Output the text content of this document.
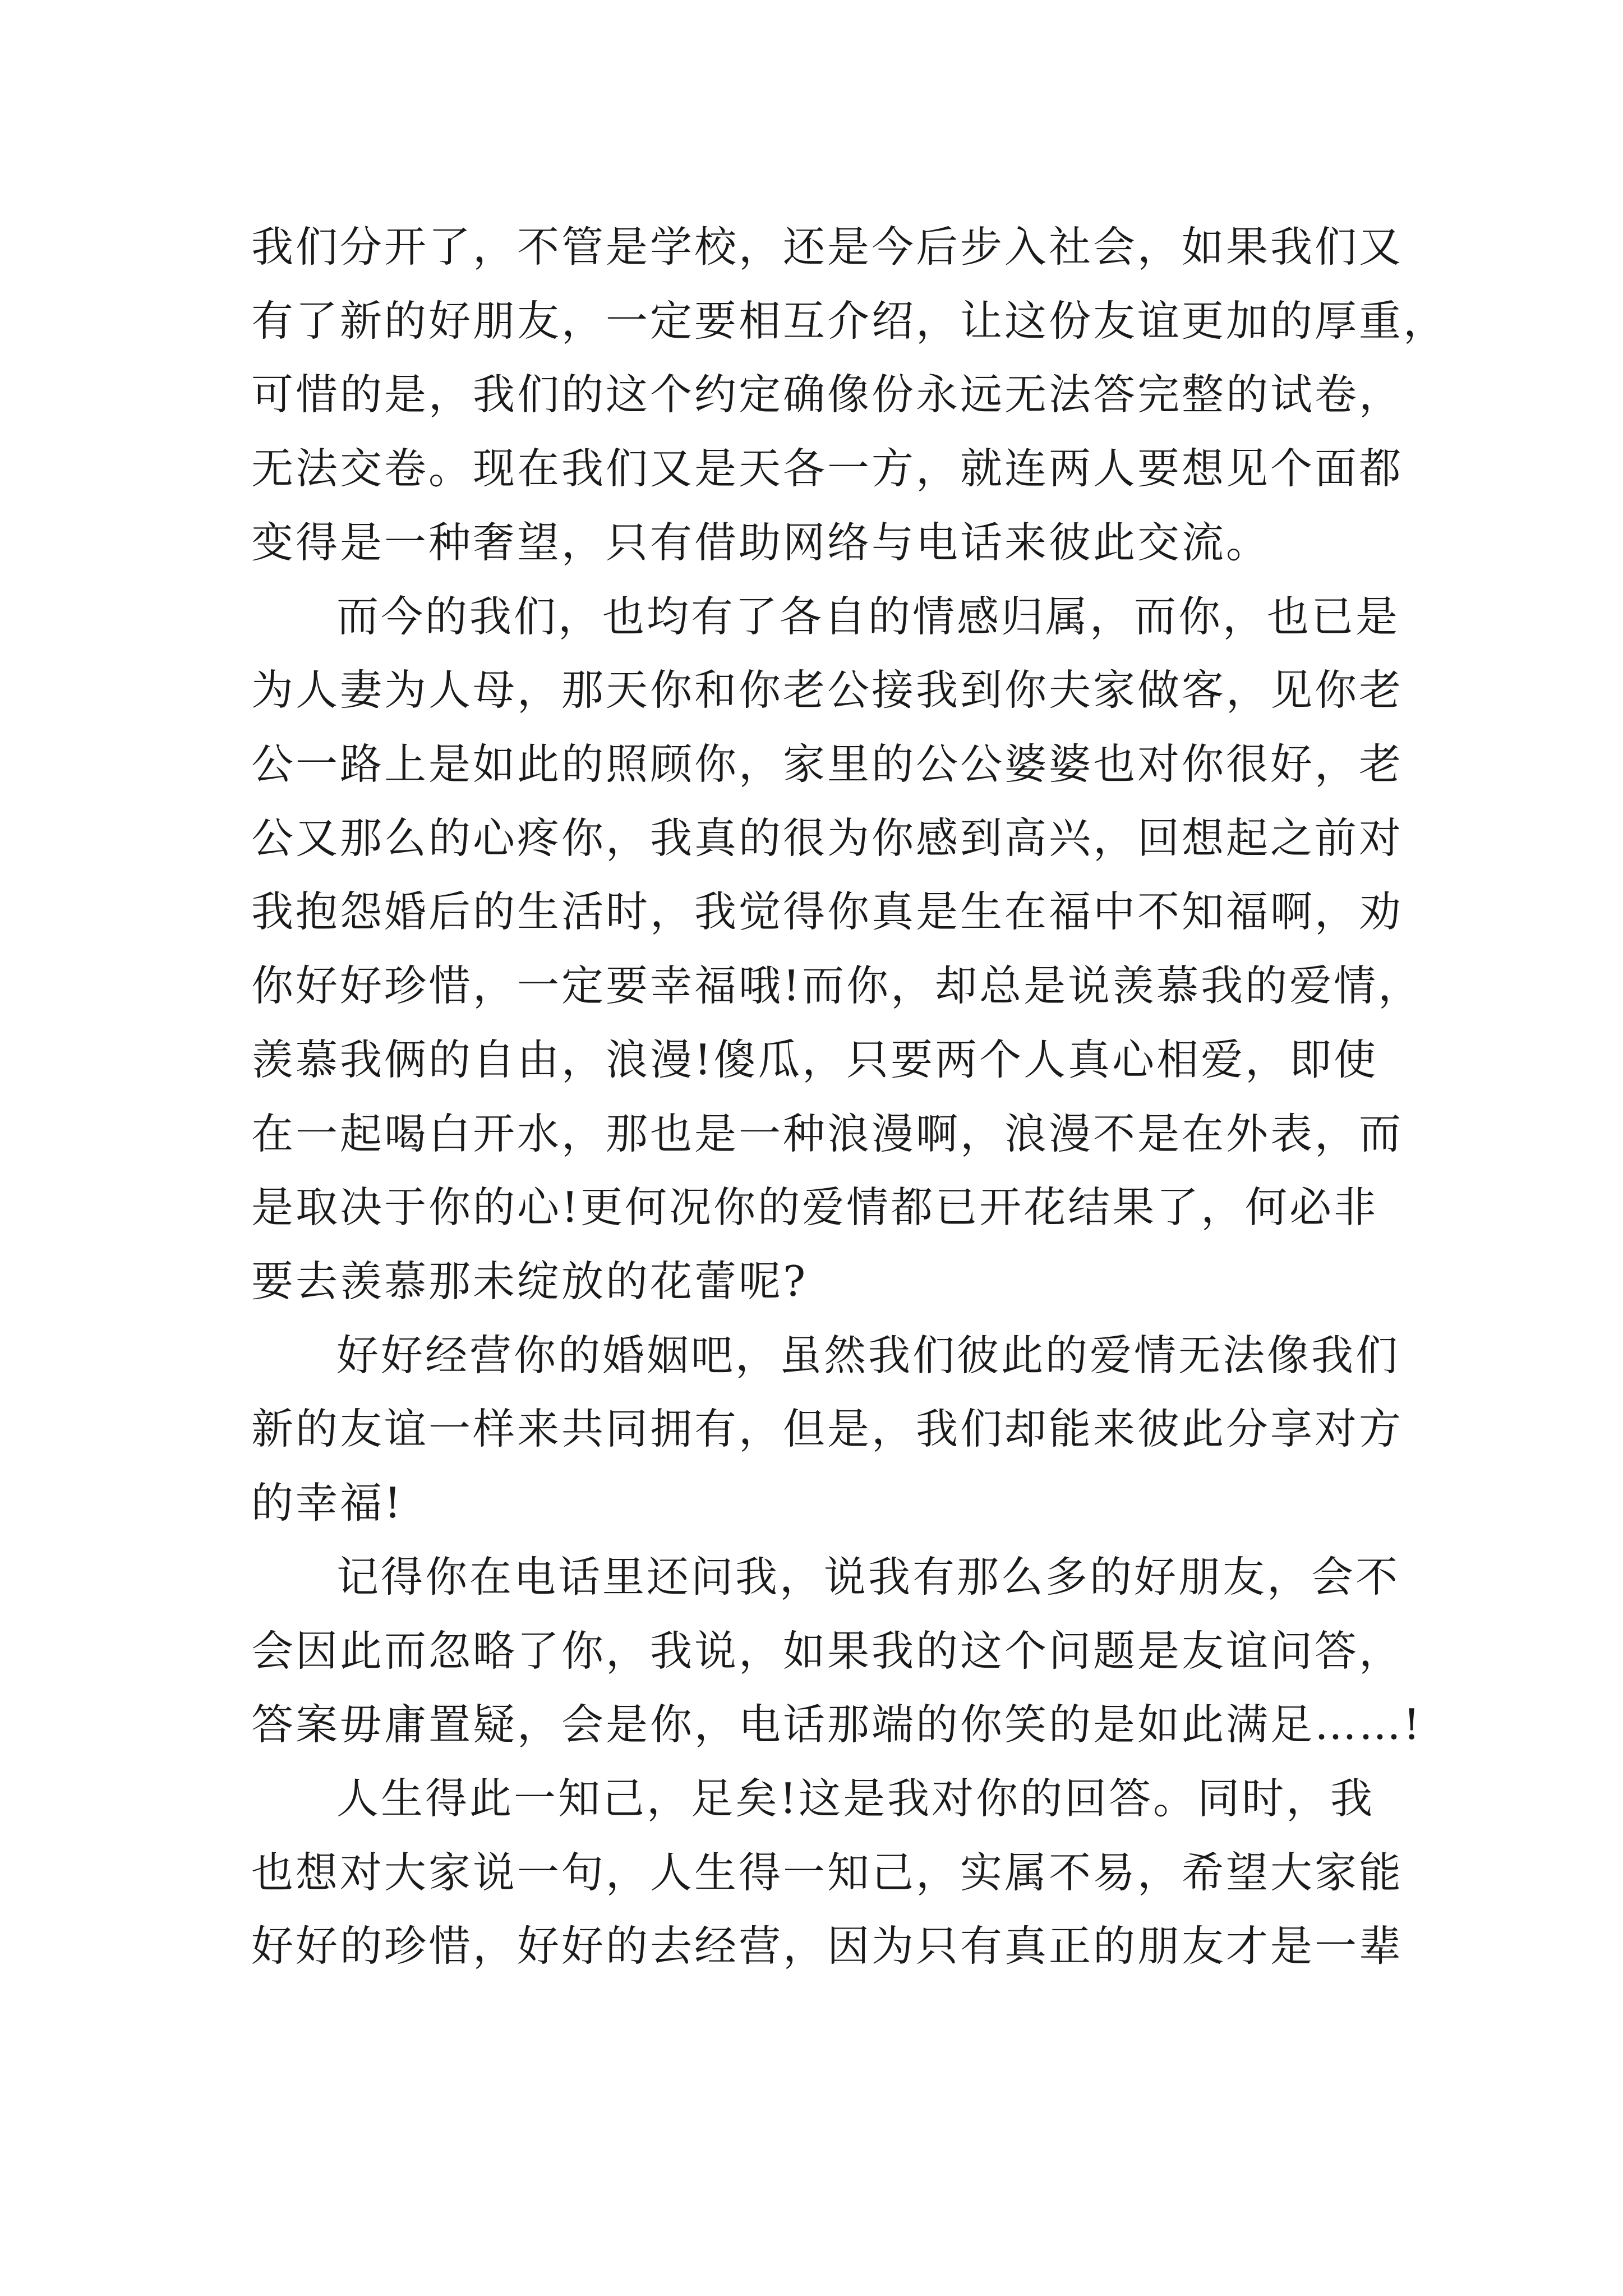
我们分开了，不管是学校，还是今后步入社会，如果我们又
有了新的好朋友，一定要相互介绍，让这份友谊更加的厚重，
可惜的是，我们的这个约定确像份永远无法答完整的试卷，
无法交卷。现在我们又是天各一方，就连两人要想见个面都
变得是一种奢望，只有借助网络与电话来彼此交流。
而今的我们，也均有了各自的情感归属，而你，也已是
为人妻为人母，那天你和你老公接我到你夫家做客，见你老
公一路上是如此的照顾你，家里的公公婆婆也对你很好，老
公又那么的心疼你，我真的很为你感到高兴，回想起之前对
我抱怨婚后的生活时，我觉得你真是生在福中不知福啊，劝
你好好珍惜，一定要幸福哦!而你，却总是说羡慕我的爱情，
羡慕我俩的自由，浪漫!傻瓜，只要两个人真心相爱，即使
在一起喝白开水，那也是一种浪漫啊，浪漫不是在外表，而
是取决于你的心!更何况你的爱情都已开花结果了，何必非
要去羡慕那未绽放的花蕾呢?
好好经营你的婚姻吧，虽然我们彼此的爱情无法像我们
新的友谊一样来共同拥有，但是，我们却能来彼此分享对方
的幸福!
记得你在电话里还问我，说我有那么多的好朋友，会不
会因此而忽略了你，我说，如果我的这个问题是友谊问答，
答案毋庸置疑，会是你，电话那端的你笑的是如此满足……!
人生得此一知己，足矣!这是我对你的回答。同时，我
也想对大家说一句，人生得一知己，实属不易，希望大家能
好好的珍惜，好好的去经营，因为只有真正的朋友才是一辈
